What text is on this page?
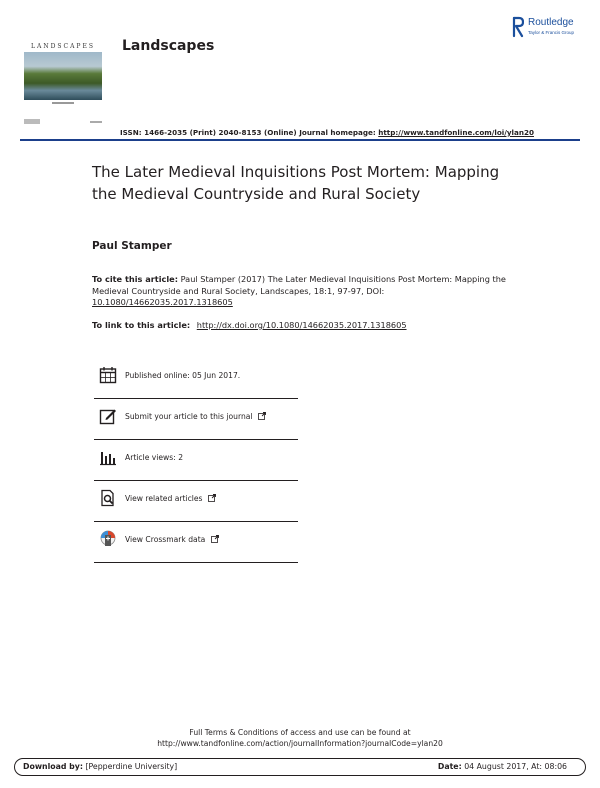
LANDSCAPES	Landscapes
Routledge
Taylor & Francis Group
ISSN: 1466-2035 (Print) 2040-8153 (Online) Journal homepage: http://www.tandfonline.com/loi/ylan20
The Later Medieval Inquisitions Post Mortem: Mapping the Medieval Countryside and Rural Society
Paul Stamper
To cite this article: Paul Stamper (2017) The Later Medieval Inquisitions Post Mortem: Mapping the Medieval Countryside and Rural Society, Landscapes, 18:1, 97-97, DOI:
10.1080/14662035.2017.1318605
To link to this article: http://dx.doi.org/10.1080/14662035.2017.1318605
Published online: 05 Jun 2017.
Submit your article to this journal
Article views: 2
View related articles
View Crossmark data
Full Terms & Conditions of access and use can be found at
http://www.tandfonline.com/action/journalInformation?journalCode=ylan20
Download by: [Pepperdine University]	Date: 04 August 2017, At: 08:06
